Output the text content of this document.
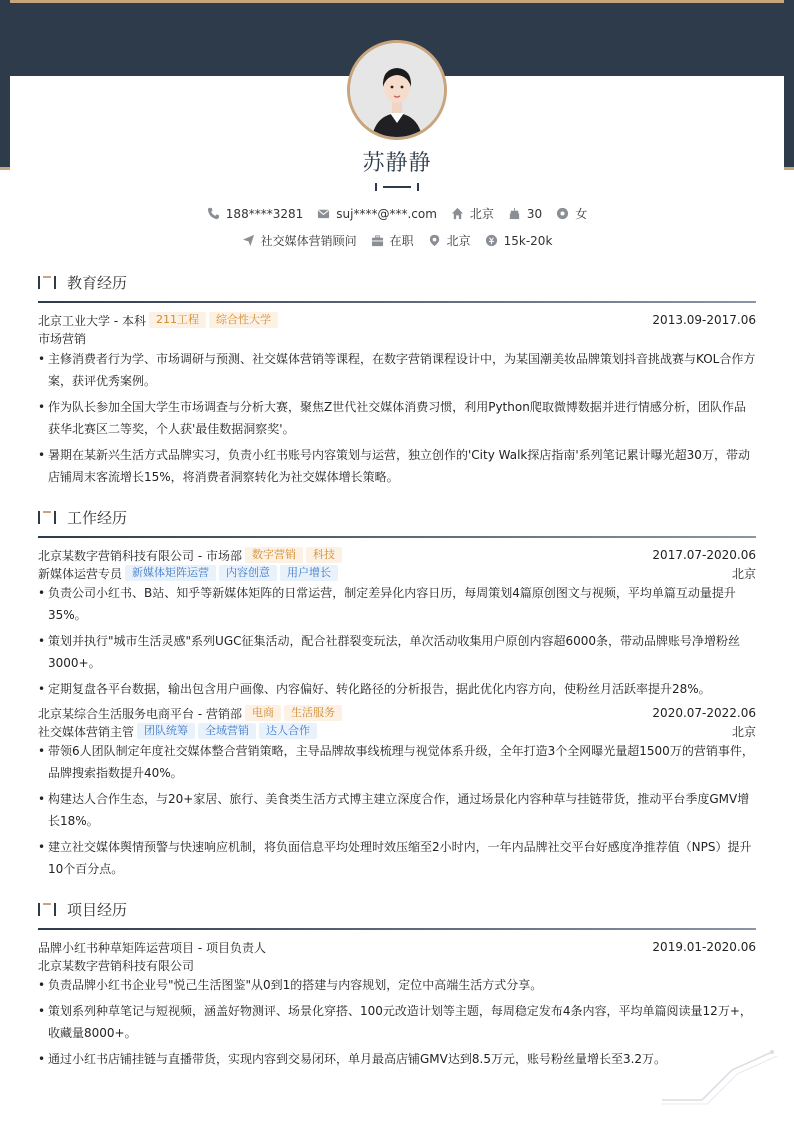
苏静静
188****3281	suj****@***.com	北京	30	女
社交媒体营销顾问	在职	北京	15k-20k
教育经历
北京工业大学 - 本科 211工程	综合性大学	2013.09-2017.06
市场营销
• 主修消费者行为学、市场调研与预测、社交媒体营销等课程，在数字营销课程设计中，为某国潮美妆品牌策划抖音挑战赛与KOL合作方案，获评优秀案例。
• 作为队长参加全国大学生市场调查与分析大赛，聚焦Z世代社交媒体消费习惯，利用Python爬取微博数据并进行情感分析，团队作品获华北赛区二等奖，个人获'最佳数据洞察奖'。
• 暑期在某新兴生活方式品牌实习，负责小红书账号内容策划与运营，独立创作的'City Walk探店指南'系列笔记累计曝光超30万，带动店铺周末客流增长15%，将消费者洞察转化为社交媒体增长策略。
工作经历
北京某数字营销科技有限公司 - 市场部 数字营销	科技	2017.07-2020.06
新媒体运营专员 新媒体矩阵运营	内容创意	用户增长	北京
• 负责公司小红书、B站、知乎等新媒体矩阵的日常运营，制定差异化内容日历，每周策划4篇原创图文与视频，平均单篇互动量提升35%。
• 策划并执行"城市生活灵感"系列UGC征集活动，配合社群裂变玩法，单次活动收集用户原创内容超6000条，带动品牌账号净增粉丝3000+。
• 定期复盘各平台数据，输出包含用户画像、内容偏好、转化路径的分析报告，据此优化内容方向，使粉丝月活跃率提升28%。
北京某综合生活服务电商平台 - 营销部 电商	生活服务	2020.07-2022.06
社交媒体营销主管 团队统筹	全域营销	达人合作	北京
• 带领6人团队制定年度社交媒体整合营销策略，主导品牌故事线梳理与视觉体系升级，全年打造3个全网曝光量超1500万的营销事件，品牌搜索指数提升40%。
• 构建达人合作生态，与20+家居、旅行、美食类生活方式博主建立深度合作，通过场景化内容种草与挂链带货，推动平台季度GMV增长18%。
• 建立社交媒体舆情预警与快速响应机制，将负面信息平均处理时效压缩至2小时内，一年内品牌社交平台好感度净推荐值（NPS）提升10个百分点。
项目经历
品牌小红书种草矩阵运营项目 - 项目负责人	2019.01-2020.06
北京某数字营销科技有限公司
• 负责品牌小红书企业号"悦己生活图鉴"从0到1的搭建与内容规划，定位中高端生活方式分享。
• 策划系列种草笔记与短视频，涵盖好物测评、场景化穿搭、100元改造计划等主题，每周稳定发布4条内容，平均单篇阅读量12万+，收藏量8000+。
• 通过小红书店铺挂链与直播带货，实现内容到交易闭环，单月最高店铺GMV达到8.5万元，账号粉丝量增长至3.2万。
